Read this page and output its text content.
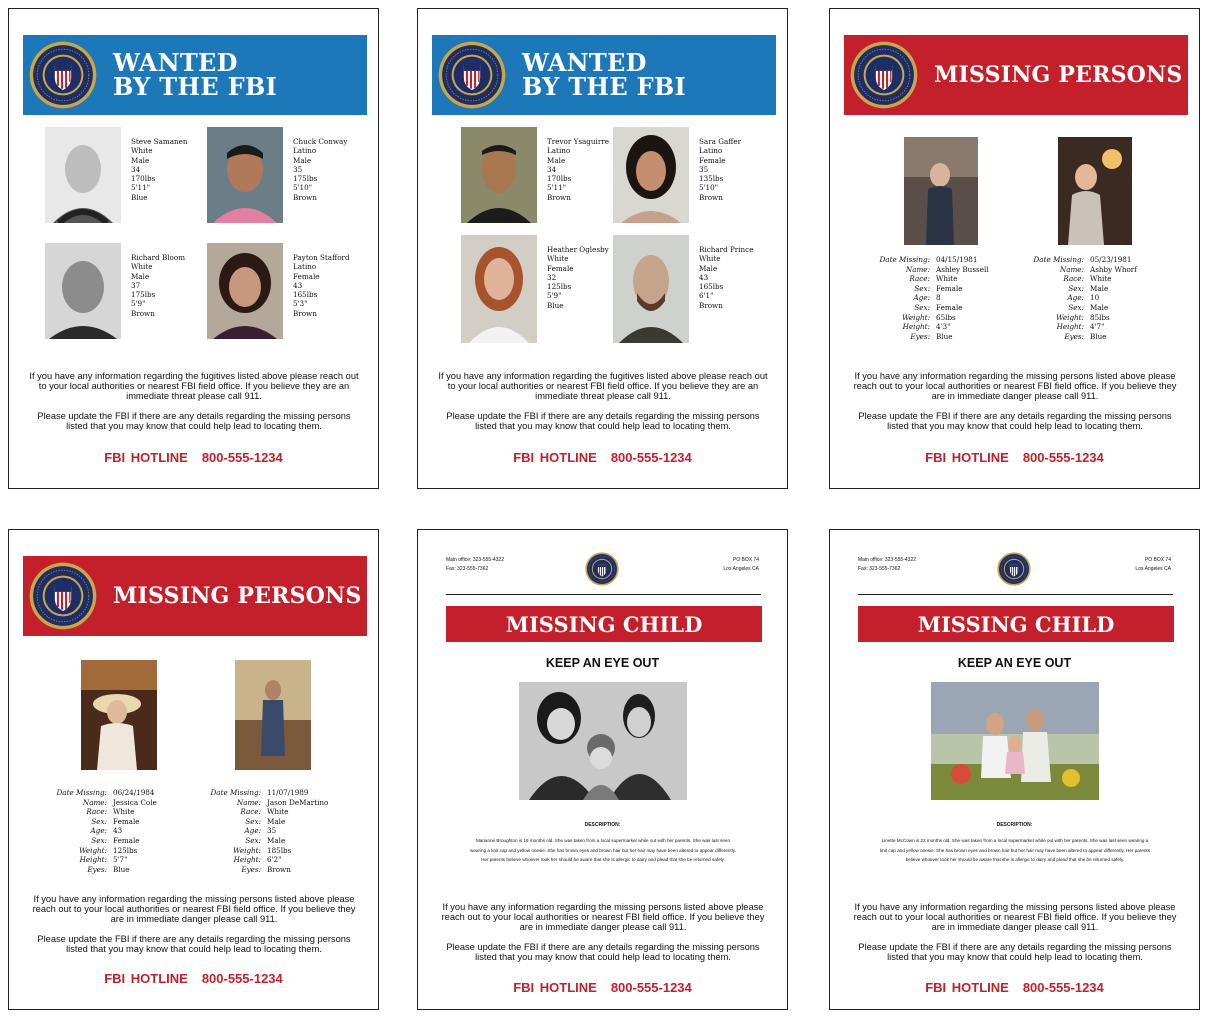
WANTED
BY THE FBI
Steve Samanen
White
Male
34
170lbs
5'11"
Blue
Chuck Conway
Latino
Male
35
175lbs
5'10"
Brown
Richard Bloom
White
Male
37
175lbs
5'9"
Brown
Payton Stafford
Latino
Female
43
165lbs
5'3"
Brown
If you have any information regarding the fugitives listed above please reach out to your local authorities or nearest FBI field office. If you believe they are an immediate threat please call 911.
Please update the FBI if there are any details regarding the missing persons listed that you may know that could help lead to locating them.
FBI HOTLINE 800-555-1234
WANTED
BY THE FBI
Trevor Ysaguirre
Latino
Male
34
170lbs
5'11"
Brown
Sara Gaffer
Latino
Female
35
135lbs
5'10"
Brown
Heather Oglesby
White
Female
32
125lbs
5'9"
Blue
Richard Prince
White
Male
43
165lbs
6'1"
Brown
If you have any information regarding the fugitives listed above please reach out to your local authorities or nearest FBI field office. If you believe they are an immediate threat please call 911.
Please update the FBI if there are any details regarding the missing persons listed that you may know that could help lead to locating them.
FBI HOTLINE 800-555-1234
MISSING PERSONS
Date Missing: 04/15/1981
Name: Ashley Bussell
Race: White
Sex: Female
Age: 8
Sex: Female
Weight: 65lbs
Height: 4'3"
Eyes: Blue
Date Missing: 05/23/1981
Name: Ashby Whorf
Race: White
Sex: Male
Age: 10
Sex: Male
Weight: 85lbs
Height: 4'7"
Eyes: Blue
If you have any information regarding the missing persons listed above please reach out to your local authorities or nearest FBI field office. If you believe they are in immediate danger please call 911.
Please update the FBI if there are any details regarding the missing persons listed that you may know that could help lead to locating them.
FBI HOTLINE 800-555-1234
MISSING PERSONS
Date Missing: 06/24/1984
Name: Jessica Cole
Race: White
Sex: Female
Age: 43
Sex: Female
Weight: 125lbs
Height: 5'7"
Eyes: Blue
Date Missing: 11/07/1989
Name: Jason DeMartino
Race: White
Sex: Male
Age: 35
Sex: Male
Weight: 185lbs
Height: 6'2"
Eyes: Brown
If you have any information regarding the missing persons listed above please reach out to your local authorities or nearest FBI field office. If you believe they are in immediate danger please call 911.
Please update the FBI if there are any details regarding the missing persons listed that you may know that could help lead to locating them.
FBI HOTLINE 800-555-1234
Main office: 323-555-4322
Fax: 323-555-7362
PO BOX 74
Los Angeles CA
MISSING CHILD
KEEP AN EYE OUT
DESCRIPTION:
Marianne Broughton is 18 months old. She was taken from a local supermarket while out with her parents. She was last seen wearing a knit cap and yellow onesie. She has brown eyes and brown hair but her hair may have been altered to appear differently. Her parents believe whoever took her should be aware that she is allergic to dairy and plead that she be returned safely.
If you have any information regarding the missing persons listed above please reach out to your local authorities or nearest FBI field office. If you believe they are in immediate danger please call 911.
Please update the FBI if there are any details regarding the missing persons listed that you may know that could help lead to locating them.
FBI HOTLINE 800-555-1234
Main office: 323-555-4322
Fax: 323-555-7362
PO BOX 74
Los Angeles CA
MISSING CHILD
KEEP AN EYE OUT
DESCRIPTION:
Linette McCown is 22 months old. She was taken from a local supermarket while out with her parents. She was last seen wearing a knit cap and yellow onesie. She has brown eyes and brown hair but her hair may have been altered to appear differently. Her parents believe whoever took her should be aware that she is allergic to dairy and plead that she be returned safely.
If you have any information regarding the missing persons listed above please reach out to your local authorities or nearest FBI field office. If you believe they are in immediate danger please call 911.
Please update the FBI if there are any details regarding the missing persons listed that you may know that could help lead to locating them.
FBI HOTLINE 800-555-1234
